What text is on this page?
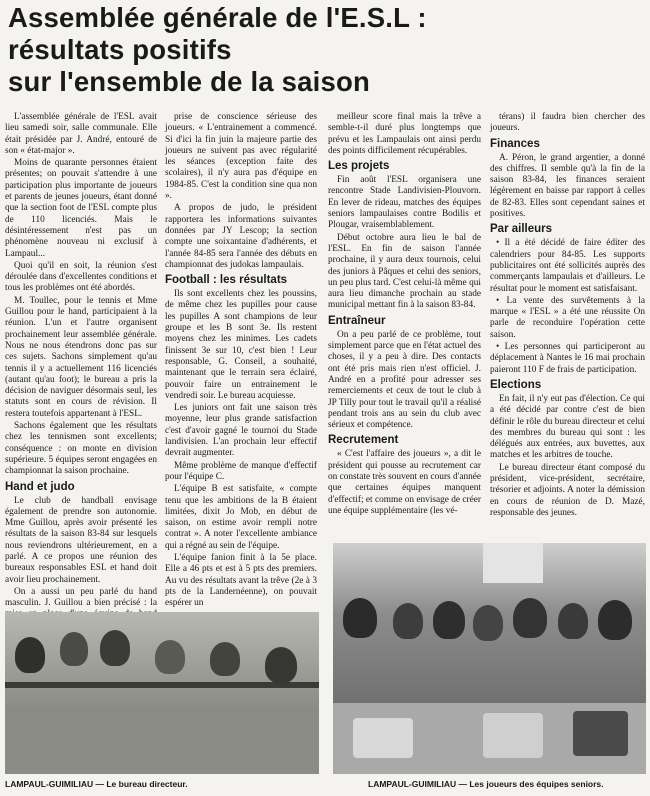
Assemblée générale de l'E.S.L :
résultats positifs
sur l'ensemble de la saison

L'assemblée générale de l'ESL avait lieu samedi soir, salle communale. Elle était présidée par J. André, entouré de son « état-major ».

Moins de quarante personnes étaient présentes; on pouvait s'attendre à une participation plus importante de joueurs et parents de jeunes joueurs, étant donné que la section foot de l'ESL compte plus de 110 licenciés. Mais le désintéressement n'est pas un phénomène nouveau ni exclusif à Lampaul...

Quoi qu'il en soit, la réunion s'est déroulée dans d'excellentes conditions et tous les problèmes ont été abordés.

M. Toullec, pour le tennis et Mme Guillou pour le hand, participaient à la réunion. L'un et l'autre organisent prochainement leur assemblée générale. Nous ne nous étendrons donc pas sur ces sujets. Sachons simplement qu'au tennis il y a actuellement 116 licenciés (autant qu'au foot); le bureau a pris la décision de naviguer désormais seul, les statuts sont en cours de révision. Il restera toutefois appartenant à l'ESL.

Sachons également que les résultats chez les tennismen sont excellents; conséquence : on monte en division supérieure. 5 équipes seront engagées en championnat la saison prochaine.

Hand et judo

Le club de handball envisage également de prendre son autonomie. Mme Guillou, après avoir présenté les résultats de la saison 83-84 sur lesquels nous reviendrons ultérieurement, en a parlé. A ce propos une réunion des bureaux responsables ESL et hand doit avoir lieu prochainement.

On a aussi un peu parlé du hand masculin. J. Guillou a bien précisé : la

prise de conscience sérieuse des joueurs. « L'entrainement a commencé. Si d'ici la fin juin la majeure partie des joueurs ne suivent pas avec régularité les séances (exception faite des scolaires), il n'y aura pas d'équipe en 1984-85. C'est la condition sine qua non ».

A propos de judo, le président rapportera les informations suivantes données par JY Lescop; la section compte une soixantaine d'adhérents, et l'année 84-85 sera l'année des débuts en championnat des judokas lampaulais.

Football : les résultats

Ils sont excellents chez les poussins, de même chez les pupilles pour cause les pupilles A sont champions de leur groupe et les B sont 3e. Ils restent moyens chez les minimes. Les cadets finissent 3e sur 10, c'est bien ! Leur responsable, G. Conseil, a souhaité, maintenant que le terrain sera éclairé, pouvoir faire un entrainement le vendredi soir. Le bureau acquiesse.

Les juniors ont fait une saison très moyenne, leur plus grande satisfaction c'est d'avoir gagné le tournoi du Stade landivisien. L'an prochain leur effectif devrait augmenter.

Même problème de manque d'effectif pour l'équipe C.

L'équipe B est satisfaite, « compte tenu que les ambitions de la B étaient limitées, dixit Jo Mob, en début de saison, on estime avoir rempli notre contrat ». A noter l'excellente ambiance qui a régné au sein de l'équipe.

L'équipe fanion finit à la 5e place. Elle a 46 pts et est à 5 pts des premiers. Au vu des résultats avant la trêve (2e à 3 pts de la Landernéenne), on pouvait espérer un

meilleur score final mais la trêve a semble-t-il duré plus longtemps que prévu et les Lampaulais ont ainsi perdu des points difficilement récupérables.

Les projets

Fin août l'ESL organisera une rencontre Stade Landivisien-Plouvorn. En lever de rideau, matches des équipes seniors lampaulaises contre Bodilis et Plougar, vraisemblablement.

Début octobre aura lieu le bal de l'ESL. En fin de saison l'année prochaine, il y aura deux tournois, celui des juniors à Pâques et celui des seniors, un peu plus tard. C'est celui-là même qui aura lieu dimanche prochain au stade municipal mettant fin à la saison 83-84.

Entraîneur

On a peu parlé de ce problème, tout simplement parce que en l'état actuel des choses, il y a peu à dire. Des contacts ont été pris mais rien n'est officiel. J. André en a profité pour adresser ses remerciements et ceux de tout le club à JP Tilly pour tout le travail qu'il a réalisé pendant trois ans au sein du club avec sérieux et compétence.

Recrutement

« C'est l'affaire des joueurs », a dit le président qui pousse au recrutement car on constate très souvent en cours d'année que certaines équipes manquent d'effectif; et comme on envisage de créer une équipe supplémentaire (les vé-

térans) il faudra bien chercher des joueurs.

Finances

A. Péron, le grand argentier, a donné des chiffres. Il semble qu'à la fin de la saison 83-84, les finances seraient légèrement en baisse par rapport à celles de 82-83. Elles sont cependant saines et positives.

Par ailleurs

• Il a été décidé de faire éditer des calendriers pour 84-85. Les supports publicitaires ont été sollicités auprès des commerçants lampaulais et d'ailleurs. Le résultat pour le moment est satisfaisant.

• La vente des survêtements à la marque « l'ESL » a été une réussite On parle de reconduire l'opération cette saison.

• Les personnes qui participeront au déplacement à Nantes le 16 mai prochain paieront 110 F de frais de participation.

Elections

En fait, il n'y eut pas d'élection. Ce qui a été décidé par contre c'est de bien définir le rôle du bureau directeur et celui des membres du bureau qui sont : les délégués aux entrées, aux buvettes, aux matches et les arbitres de touche.

Le bureau directeur étant composé du président, vice-président, secrétaire, trésorier et adjoints. A noter la démission en cours de réunion de D. Mazé, responsable des jeunes.

LAMPAUL-GUIMILIAU — Le bureau directeur.	LAMPAUL-GUIMILIAU — Les joueurs des équipes seniors.
